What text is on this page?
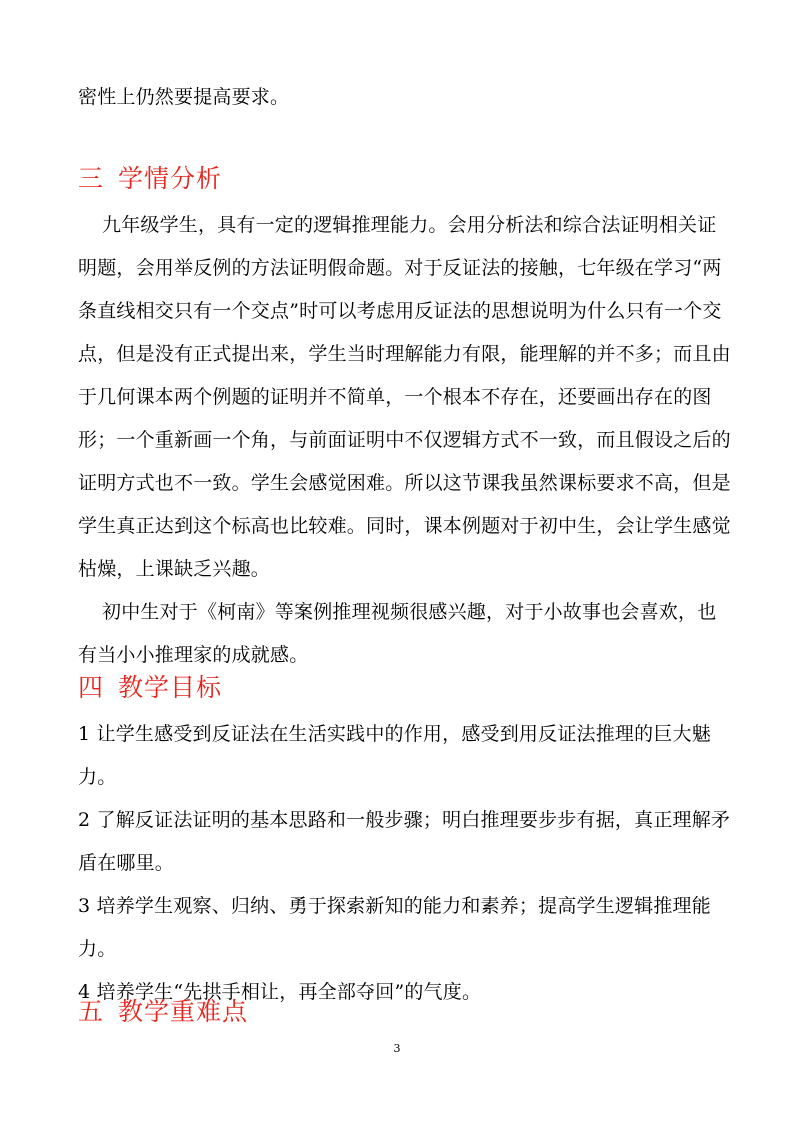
密性上仍然要提高要求。
三 学情分析
九年级学生，具有一定的逻辑推理能力。会用分析法和综合法证明相关证
明题，会用举反例的方法证明假命题。对于反证法的接触，七年级在学习“两
条直线相交只有一个交点”时可以考虑用反证法的思想说明为什么只有一个交
点，但是没有正式提出来，学生当时理解能力有限，能理解的并不多；而且由
于几何课本两个例题的证明并不简单，一个根本不存在，还要画出存在的图
形；一个重新画一个角，与前面证明中不仅逻辑方式不一致，而且假设之后的
证明方式也不一致。学生会感觉困难。所以这节课我虽然课标要求不高，但是
学生真正达到这个标高也比较难。同时，课本例题对于初中生，会让学生感觉
枯燥，上课缺乏兴趣。
初中生对于《柯南》等案例推理视频很感兴趣，对于小故事也会喜欢，也
有当小小推理家的成就感。
四 教学目标
1 让学生感受到反证法在生活实践中的作用，感受到用反证法推理的巨大魅
力。
2 了解反证法证明的基本思路和一般步骤；明白推理要步步有据，真正理解矛
盾在哪里。
3 培养学生观察、归纳、勇于探索新知的能力和素养；提高学生逻辑推理能
力。
4 培养学生“先拱手相让，再全部夺回”的气度。
五 教学重难点
3
